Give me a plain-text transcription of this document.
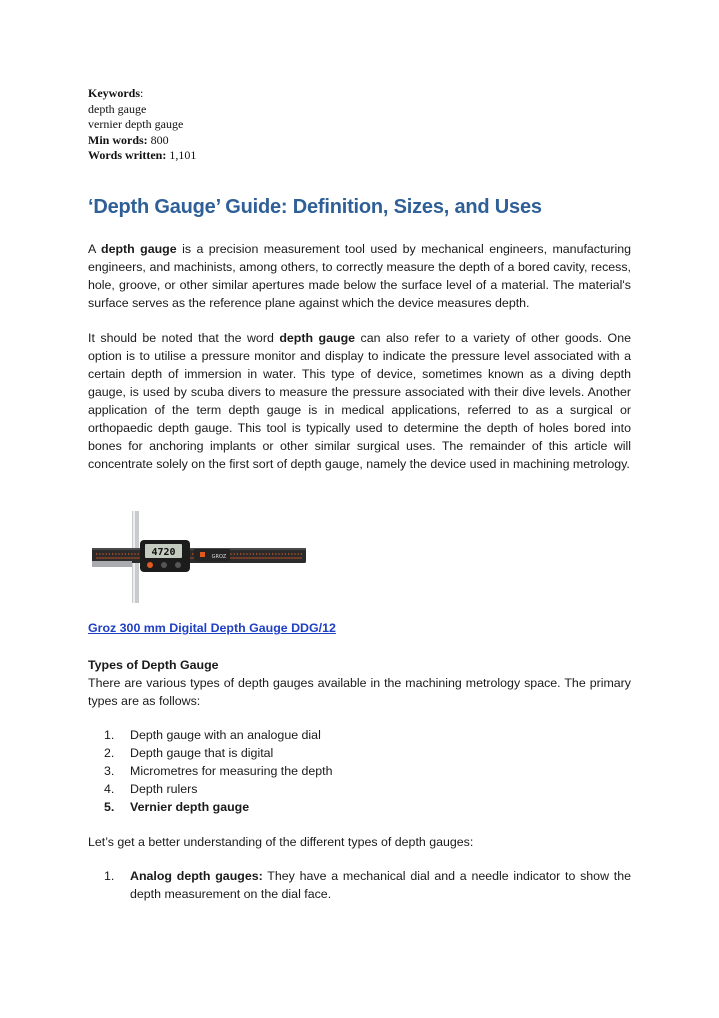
Keywords:
depth gauge
vernier depth gauge
Min words: 800
Words written: 1,101
‘Depth Gauge’ Guide: Definition, Sizes, and Uses

A depth gauge is a precision measurement tool used by mechanical engineers, manufacturing engineers, and machinists, among others, to correctly measure the depth of a bored cavity, recess, hole, groove, or other similar apertures made below the surface level of a material. The material's surface serves as the reference plane against which the device measures depth.

It should be noted that the word depth gauge can also refer to a variety of other goods. One option is to utilise a pressure monitor and display to indicate the pressure level associated with a certain depth of immersion in water. This type of device, sometimes known as a diving depth gauge, is used by scuba divers to measure the pressure associated with their dive levels. Another application of the term depth gauge is in medical applications, referred to as a surgical or orthopaedic depth gauge. This tool is typically used to determine the depth of holes bored into bones for anchoring implants or other similar surgical uses. The remainder of this article will concentrate solely on the first sort of depth gauge, namely the device used in machining metrology.

4720	GROZ
Groz 300 mm Digital Depth Gauge DDG/12

Types of Depth Gauge

There are various types of depth gauges available in the machining metrology space. The primary types are as follows:

1. Depth gauge with an analogue dial
2. Depth gauge that is digital
3. Micrometres for measuring the depth
4. Depth rulers
5. Vernier depth gauge

Let’s get a better understanding of the different types of depth gauges:

1. Analog depth gauges: They have a mechanical dial and a needle indicator to show the depth measurement on the dial face.
